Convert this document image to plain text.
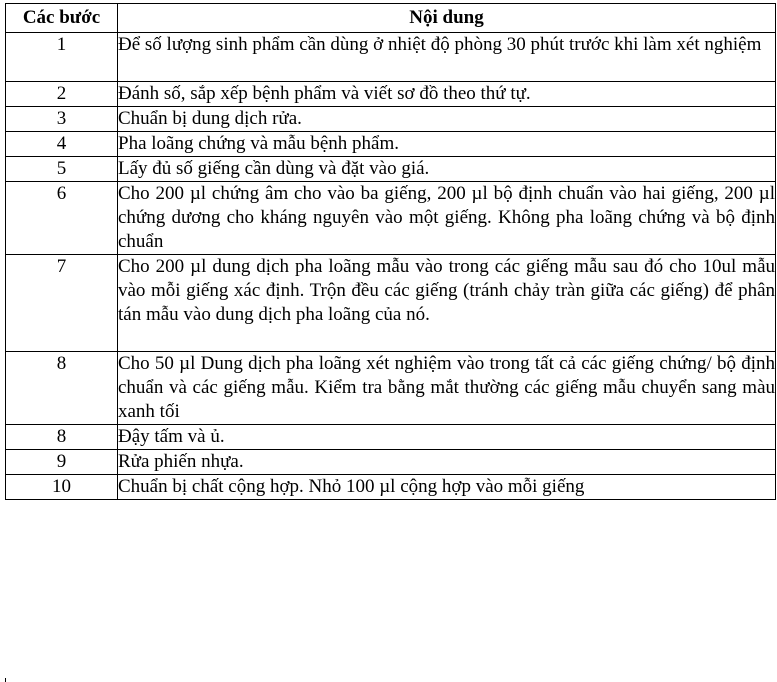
Các bước	Nội dung
1	Để số lượng sinh phẩm cần dùng ở nhiệt độ phòng 30 phút trước khi làm xét nghiệm
2	Đánh số, sắp xếp bệnh phẩm và viết sơ đồ theo thứ tự.
3	Chuẩn bị dung dịch rửa.
4	Pha loãng chứng và mẫu bệnh phẩm.
5	Lấy đủ số giếng cần dùng và đặt vào giá.
6	Cho 200 µl chứng âm cho vào ba giếng, 200 µl bộ định chuẩn vào hai giếng, 200 µl chứng dương cho kháng nguyên vào một giếng. Không pha loãng chứng và bộ định chuẩn
7	Cho 200 µl dung dịch pha loãng mẫu vào trong các giếng mẫu sau đó cho 10ul mẫu vào mỗi giếng xác định. Trộn đều các giếng (tránh chảy tràn giữa các giếng) để phân tán mẫu vào dung dịch pha loãng của nó.
8	Cho 50 µl Dung dịch pha loãng xét nghiệm vào trong tất cả các giếng chứng/ bộ định chuẩn và các giếng mẫu. Kiểm tra bằng mắt thường các giếng mẫu chuyển sang màu xanh tối
8	Đậy tấm và ủ.
9	Rửa phiến nhựa.
10	Chuẩn bị chất cộng hợp. Nhỏ 100 µl cộng hợp vào mỗi giếng
